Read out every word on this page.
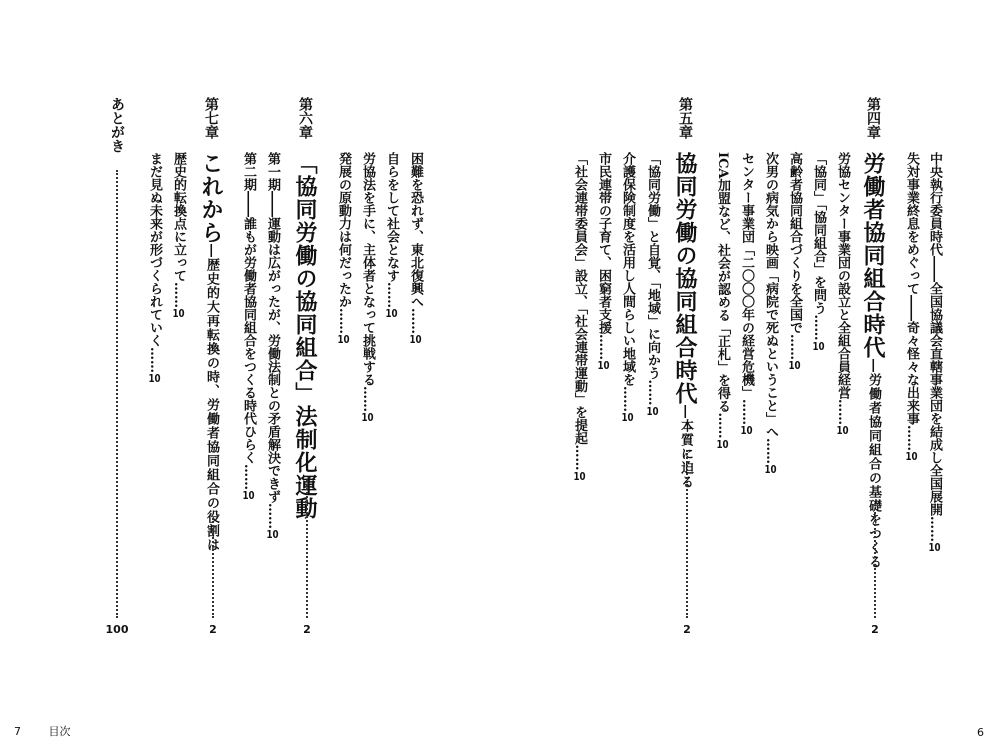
第四章
中央執行委員時代――全国協議会直轄事業団を結成し全国展開……10
失対事業終息をめぐって――奇々怪々な出来事……10
労働者協同組合時代―労働者協同組合の基礎をつくる
2
労協センター事業団の設立と全組合員経営……10
「協同」「協同組合」を問う……10
高齢者協同組合づくりを全国で……10
次男の病気から映画「病院で死ぬということ」へ……10
センター事業団「二〇〇〇年の経営危機」……10
ICA加盟など、社会が認める「正札」を得る……10
第五章
協同労働の協同組合時代―本質に迫る
2
「協同労働」と自覚、「地域」に向かう……10
介護保険制度を活用し人間らしい地域を……10
市民連帯の子育て、困窮者支援……10
「社会連帯委員会」設立、「社会連帯運動」を提起……10
困難を恐れず、東北復興へ……10
自らをして社会となす……10
労協法を手に、主体者となって挑戦する……10
発展の原動力は何だったか……10
第六章
「協同労働の協同組合」法制化運動
2
第一期――運動は広がったが、労働法制との矛盾解決できず……10
第二期――誰もが労働者協同組合をつくる時代ひらく……10
第七章
これから―歴史的大再転換の時、労働者協同組合の役割は
2
歴史的転換点に立って……10
まだ見ぬ未来が形づくられていく……10
あとがき
100
7	目次	6
